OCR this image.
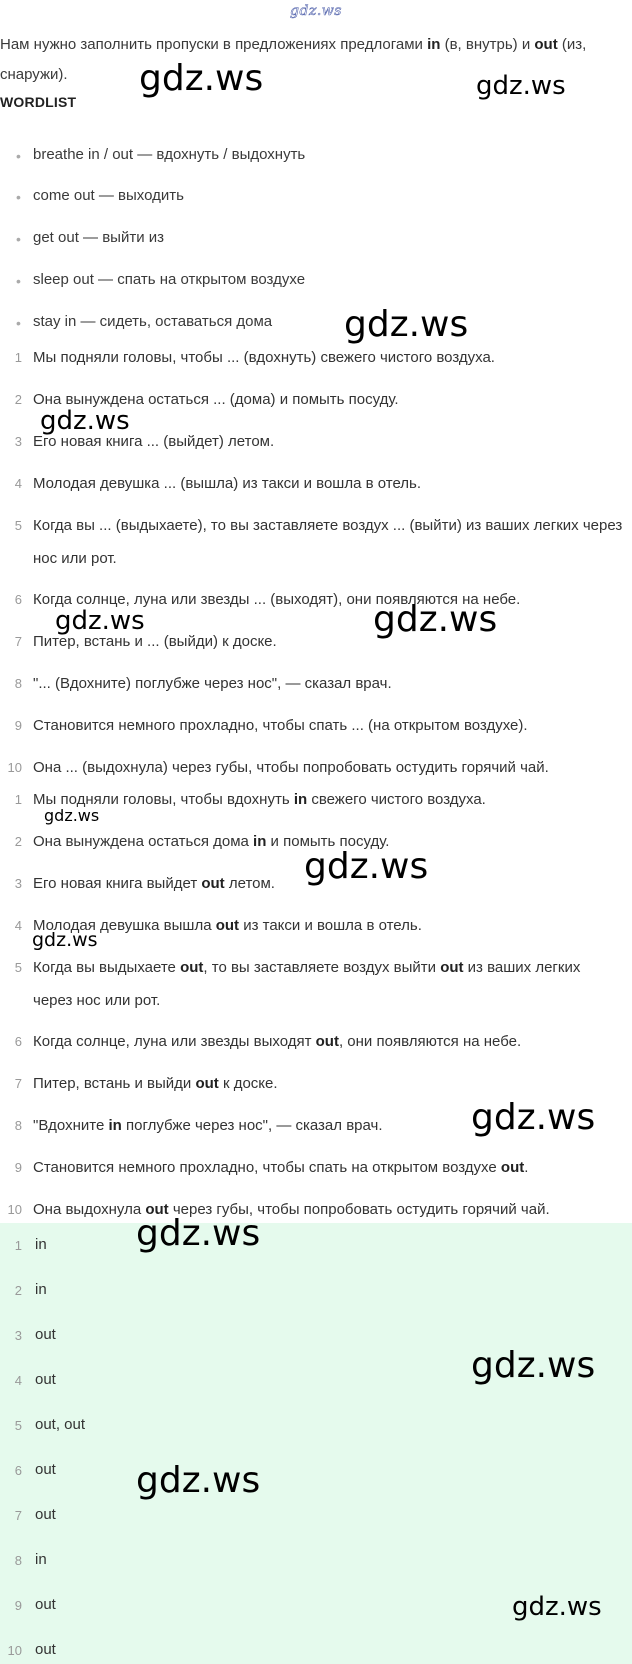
gdz.ws
Нам нужно заполнить пропуски в предложениях предлогами in (в, внутрь) и out (из, снаружи).
WORDLIST
• breathe in / out — вдохнуть / выдохнуть
• come out — выходить
• get out — выйти из
• sleep out — спать на открытом воздухе
• stay in — сидеть, оставаться дома
1 Мы подняли головы, чтобы ... (вдохнуть) свежего чистого воздуха.
2 Она вынуждена остаться ... (дома) и помыть посуду.
3 Его новая книга ... (выйдет) летом.
4 Молодая девушка ... (вышла) из такси и вошла в отель.
5 Когда вы ... (выдыхаете), то вы заставляете воздух ... (выйти) из ваших легких через нос или рот.
6 Когда солнце, луна или звезды ... (выходят), они появляются на небе.
7 Питер, встань и ... (выйди) к доске.
8 "... (Вдохните) поглубже через нос", — сказал врач.
9 Становится немного прохладно, чтобы спать ... (на открытом воздухе).
10 Она ... (выдохнула) через губы, чтобы попробовать остудить горячий чай.
1 Мы подняли головы, чтобы вдохнуть in свежего чистого воздуха.
2 Она вынуждена остаться дома in и помыть посуду.
3 Его новая книга выйдет out летом.
4 Молодая девушка вышла out из такси и вошла в отель.
5 Когда вы выдыхаете out, то вы заставляете воздух выйти out из ваших легких через нос или рот.
6 Когда солнце, луна или звезды выходят out, они появляются на небе.
7 Питер, встань и выйди out к доске.
8 "Вдохните in поглубже через нос", — сказал врач.
9 Становится немного прохладно, чтобы спать на открытом воздухе out.
10 Она выдохнула out через губы, чтобы попробовать остудить горячий чай.
1 in
2 in
3 out
4 out
5 out, out
6 out
7 out
8 in
9 out
10 out
gdz.ws	gdz.ws
gdz.ws
gdz.ws
gdz.ws	gdz.ws
gdz.ws
gdz.ws
gdz.ws
gdz.ws
gdz.ws
gdz.ws
gdz.ws
gdz.ws
